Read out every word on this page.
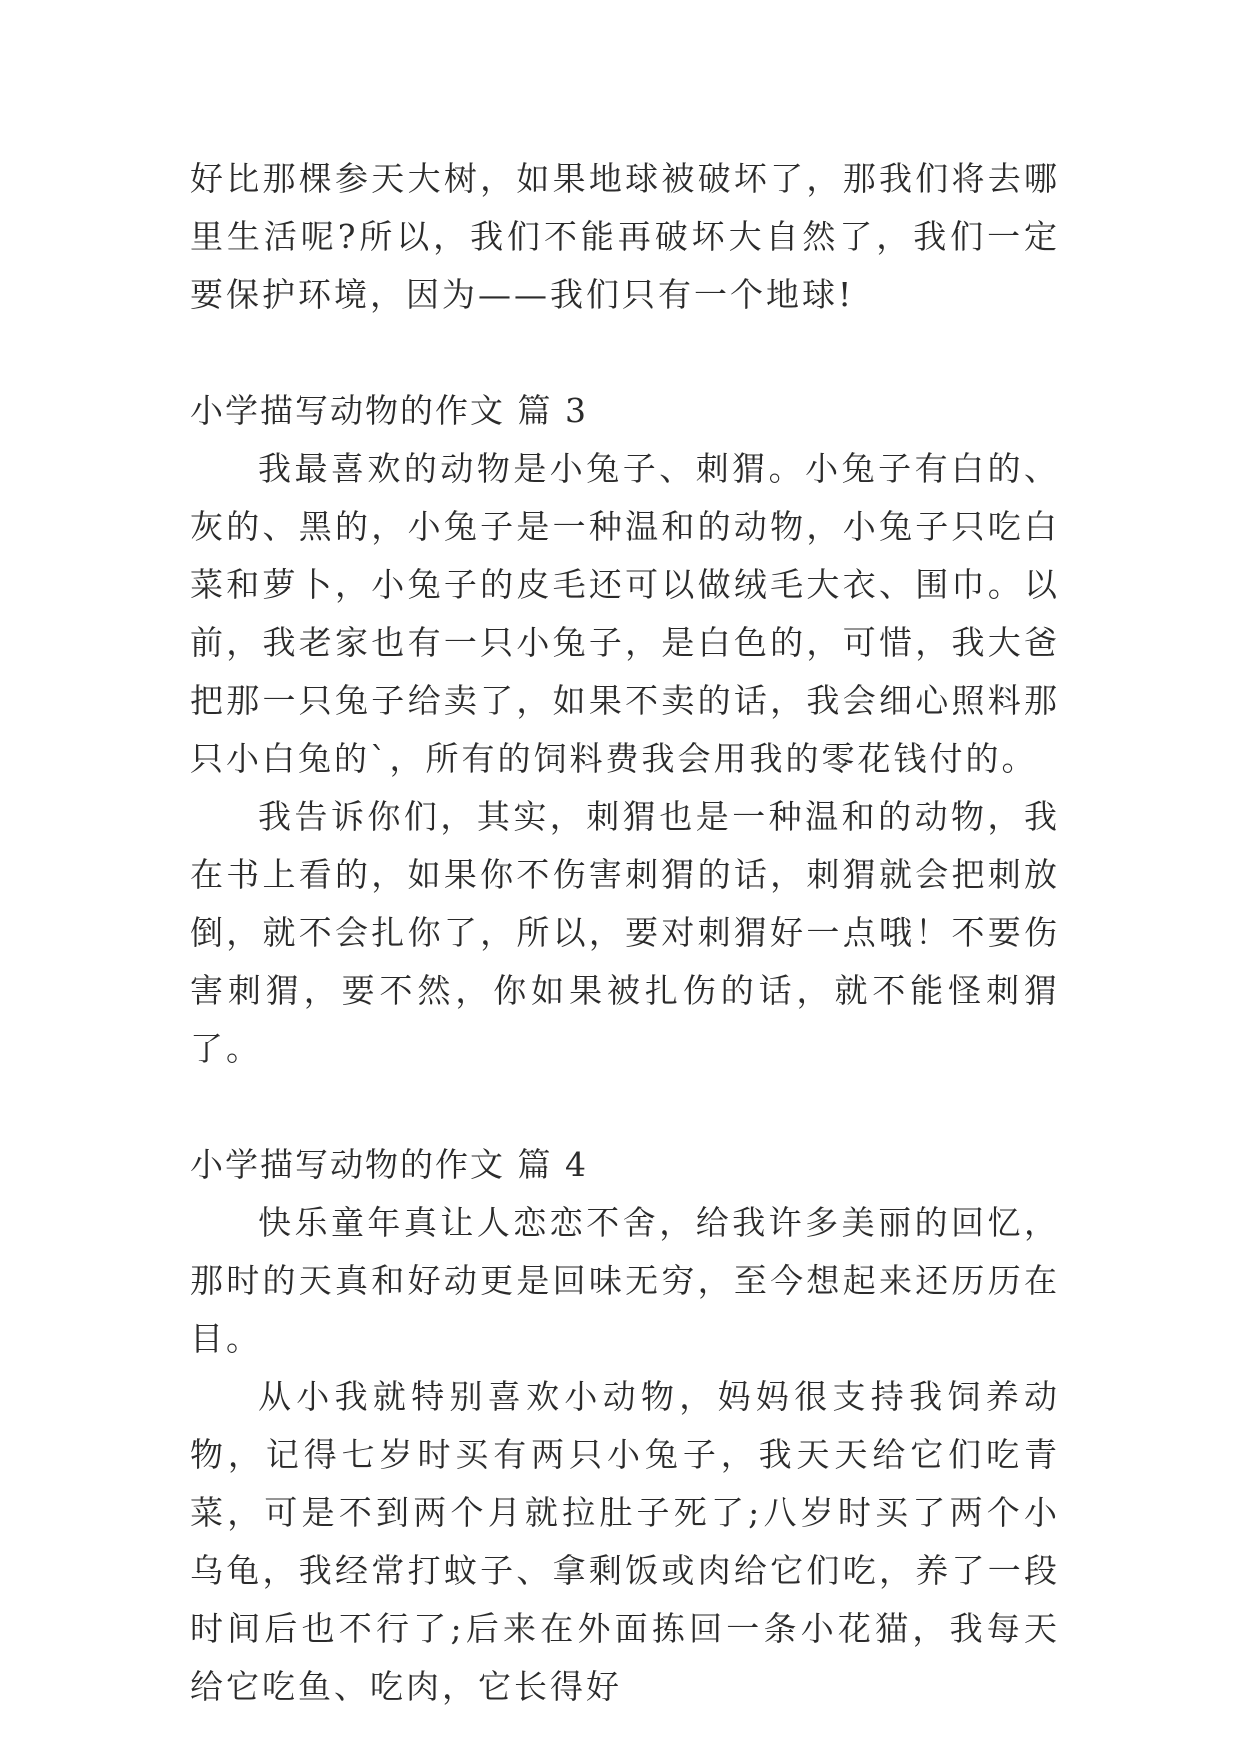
好比那棵参天大树，如果地球被破坏了，那我们将去哪里生活呢?所以，我们不能再破坏大自然了，我们一定要保护环境，因为——我们只有一个地球!

小学描写动物的作文 篇 3

我最喜欢的动物是小兔子、刺猬。小兔子有白的、灰的、黑的，小兔子是一种温和的动物，小兔子只吃白菜和萝卜，小兔子的皮毛还可以做绒毛大衣、围巾。以前，我老家也有一只小兔子，是白色的，可惜，我大爸把那一只兔子给卖了，如果不卖的话，我会细心照料那只小白兔的`，所有的饲料费我会用我的零花钱付的。

我告诉你们，其实，刺猬也是一种温和的动物，我在书上看的，如果你不伤害刺猬的话，刺猬就会把刺放倒，就不会扎你了，所以，要对刺猬好一点哦！不要伤害刺猬，要不然，你如果被扎伤的话，就不能怪刺猬了。

小学描写动物的作文 篇 4

快乐童年真让人恋恋不舍，给我许多美丽的回忆，那时的天真和好动更是回味无穷，至今想起来还历历在目。

从小我就特别喜欢小动物，妈妈很支持我饲养动物，记得七岁时买有两只小兔子，我天天给它们吃青菜，可是不到两个月就拉肚子死了;八岁时买了两个小乌龟，我经常打蚊子、拿剩饭或肉给它们吃，养了一段时间后也不行了;后来在外面拣回一条小花猫，我每天给它吃鱼、吃肉，它长得好
